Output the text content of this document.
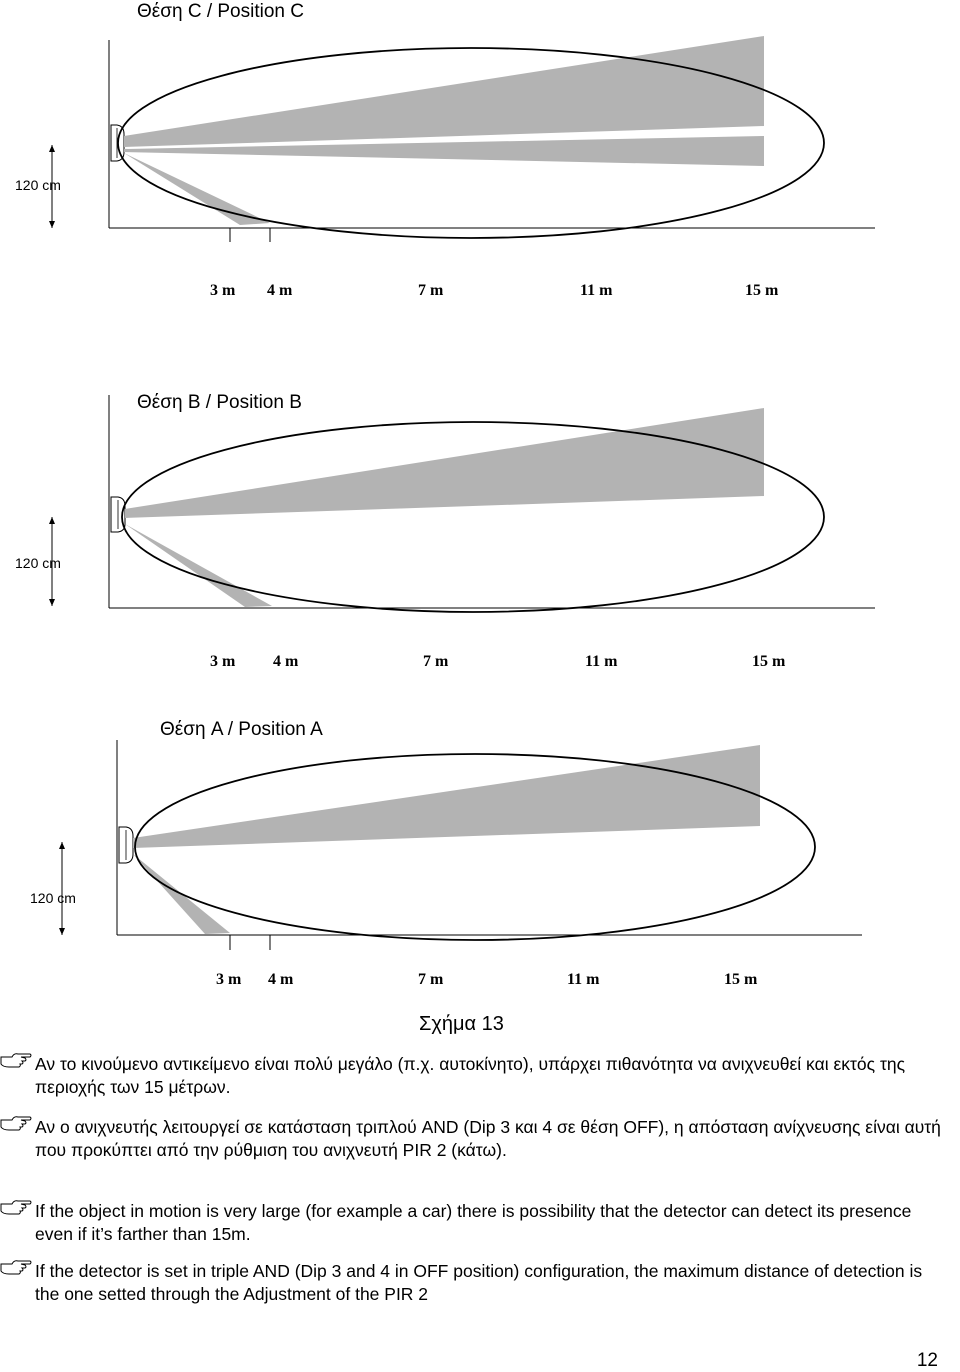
Θέση C / Position C
120 cm
3 m 4 m	7 m	11 m	15 m
Θέση B / Position B
120 cm
3 m 4 m	7 m	11 m	15 m
Θέση A / Position A
120 cm
3 m 4 m	7 m	11 m	15 m
Σχήμα 13
Αν το κινούμενο αντικείμενο είναι πολύ μεγάλο (π.χ. αυτοκίνητο), υπάρχει πιθανότητα να ανιχνευθεί και εκτός της περιοχής των 15 μέτρων.
Αν ο ανιχνευτής λειτουργεί σε κατάσταση τριπλού AND (Dip 3 και 4 σε θέση OFF), η απόσταση ανίχνευσης είναι αυτή που προκύπτει από την ρύθμιση του ανιχνευτή PIR 2 (κάτω).
If the object in motion is very large (for example a car) there is possibility that the detector can detect its presence even if it’s farther than 15m.
If the detector is set in triple AND (Dip 3 and 4 in OFF position) configuration, the maximum distance of detection is the one setted through the Adjustment of the PIR 2
12
